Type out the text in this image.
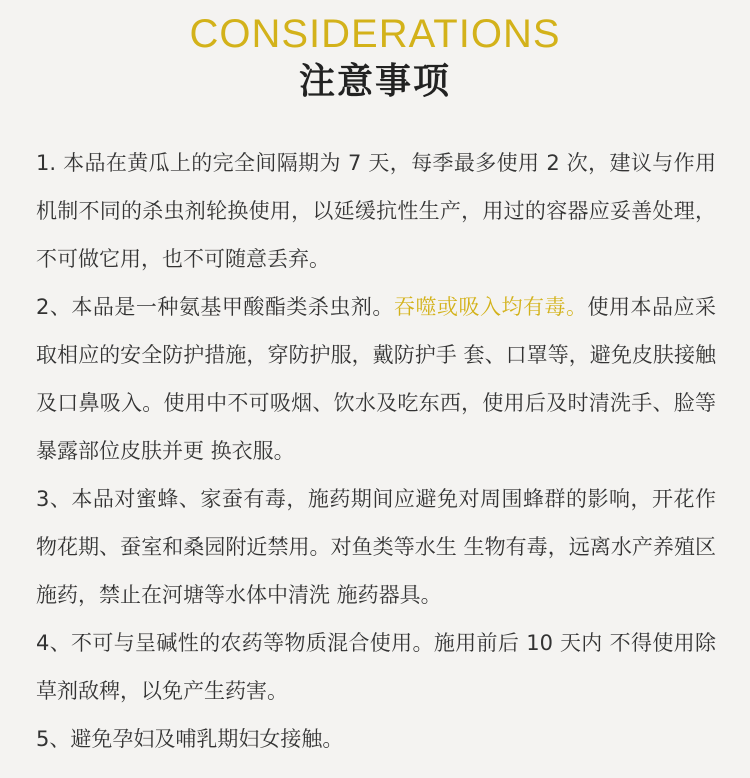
CONSIDERATIONS
注意事项

1. 本品在黄瓜上的完全间隔期为 7 天，每季最多使用 2 次，建议与作用机制不同的杀虫剂轮换使用，以延缓抗性生产，用过的容器应妥善处理，不可做它用，也不可随意丢弃。

2、本品是一种氨基甲酸酯类杀虫剂。吞噬或吸入均有毒。使用本品应采取相应的安全防护措施，穿防护服，戴防护手 套、口罩等，避免皮肤接触及口鼻吸入。使用中不可吸烟、饮水及吃东西，使用后及时清洗手、脸等暴露部位皮肤并更 换衣服。

3、本品对蜜蜂、家蚕有毒，施药期间应避免对周围蜂群的影响，开花作物花期、蚕室和桑园附近禁用。对鱼类等水生 生物有毒，远离水产养殖区施药，禁止在河塘等水体中清洗 施药器具。

4、不可与呈碱性的农药等物质混合使用。施用前后 10 天内 不得使用除草剂敌稗，以免产生药害。

5、避免孕妇及哺乳期妇女接触。
